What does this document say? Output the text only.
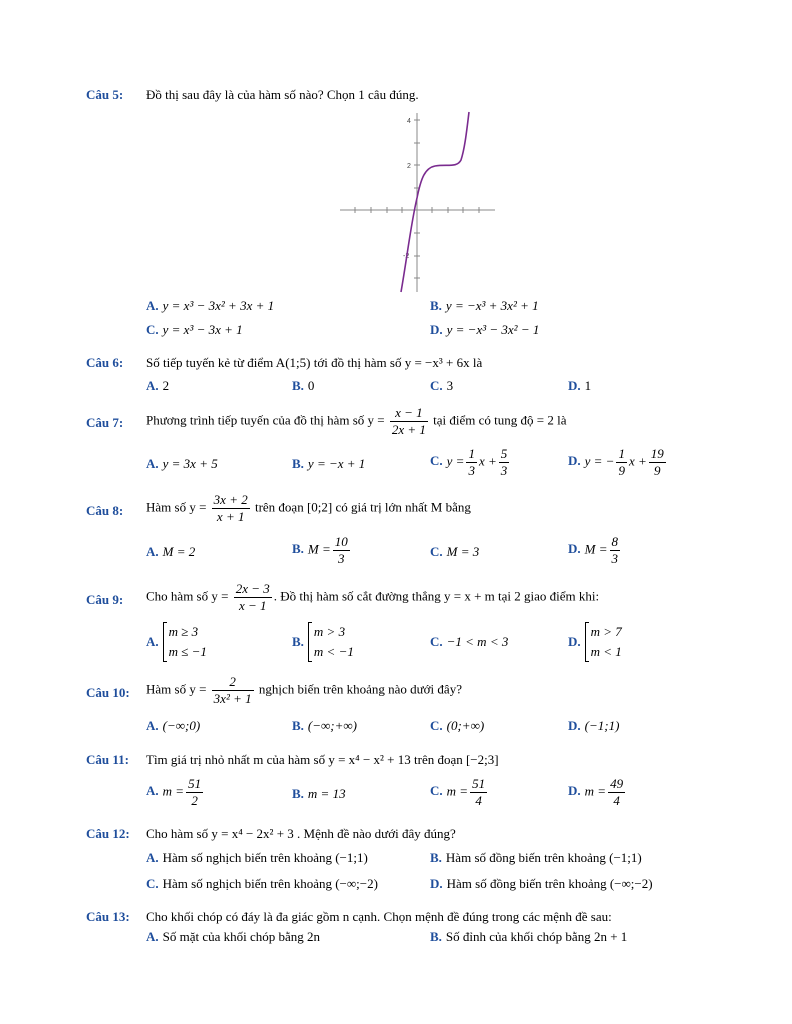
Câu 5: Đồ thị sau đây là của hàm số nào? Chọn 1 câu đúng.
4
2
-2
A. y = x³ − 3x² + 3x + 1	B. y = −x³ + 3x² + 1
C. y = x³ − 3x + 1	D. y = −x³ − 3x² − 1
Câu 6: Số tiếp tuyến kẻ từ điểm A(1;5) tới đồ thị hàm số y = −x³ + 6x là
A. 2	B. 0	C. 3	D. 1
Câu 7: Phương trình tiếp tuyến của đồ thị hàm số $y = \frac{x - 1}{2x + 1}$ tại điểm có tung độ = 2 là
A. y = 3x + 5	B. y = −x + 1	C. $y = \frac{1}{3}$ $x + \frac{5}{3}$	D. y = − $\frac{1}{9}$ $x + \frac{19}{9}$
Câu 8: Hàm số $y = \frac{3x + 2}{x + 1}$ trên đoạn [0;2] có giá trị lớn nhất M bằng
A. M = 2	B. $M = \frac{10}{3}$	C. M = 3	D. $M = \frac{8}{3}$
Câu 9: Cho hàm số $y = \frac{2x - 3}{x - 1}$ . Đồ thị hàm số cắt đường thẳng y = x + m tại 2 giao điểm khi:
A.
m ≥ 3
m ≤ −1
B.
m > 3
m < −1
C. −1 < m < 3	D.
m > 7
m < 1
Câu 10: Hàm số $y = \frac{2}{\text{3x² + 1}}$ nghịch biến trên khoảng nào dưới đây?
A. (−∞;0)	B. (−∞;+∞)	C. (0;+∞)	D. (−1;1)
Câu 11: Tìm giá trị nhỏ nhất m của hàm số y = x⁴ − x² + 13 trên đoạn [−2;3]
A. $m = \frac{51}{2}$	B. m = 13	C. $m = \frac{51}{4}$	D. $m = \frac{49}{4}$
Câu 12: Cho hàm số y = x⁴ − 2x² + 3 . Mệnh đề nào dưới đây đúng?
A. Hàm số nghịch biến trên khoảng (−1;1)	B. Hàm số đồng biến trên khoảng (−1;1)
C. Hàm số nghịch biến trên khoảng (−∞;−2)	D. Hàm số đồng biến trên khoảng (−∞;−2)
Câu 13: Cho khối chóp có đáy là đa giác gồm n cạnh. Chọn mệnh đề đúng trong các mệnh đề sau:
A. Số mặt của khối chóp bằng 2n	B. Số đỉnh của khối chóp bằng 2n + 1
